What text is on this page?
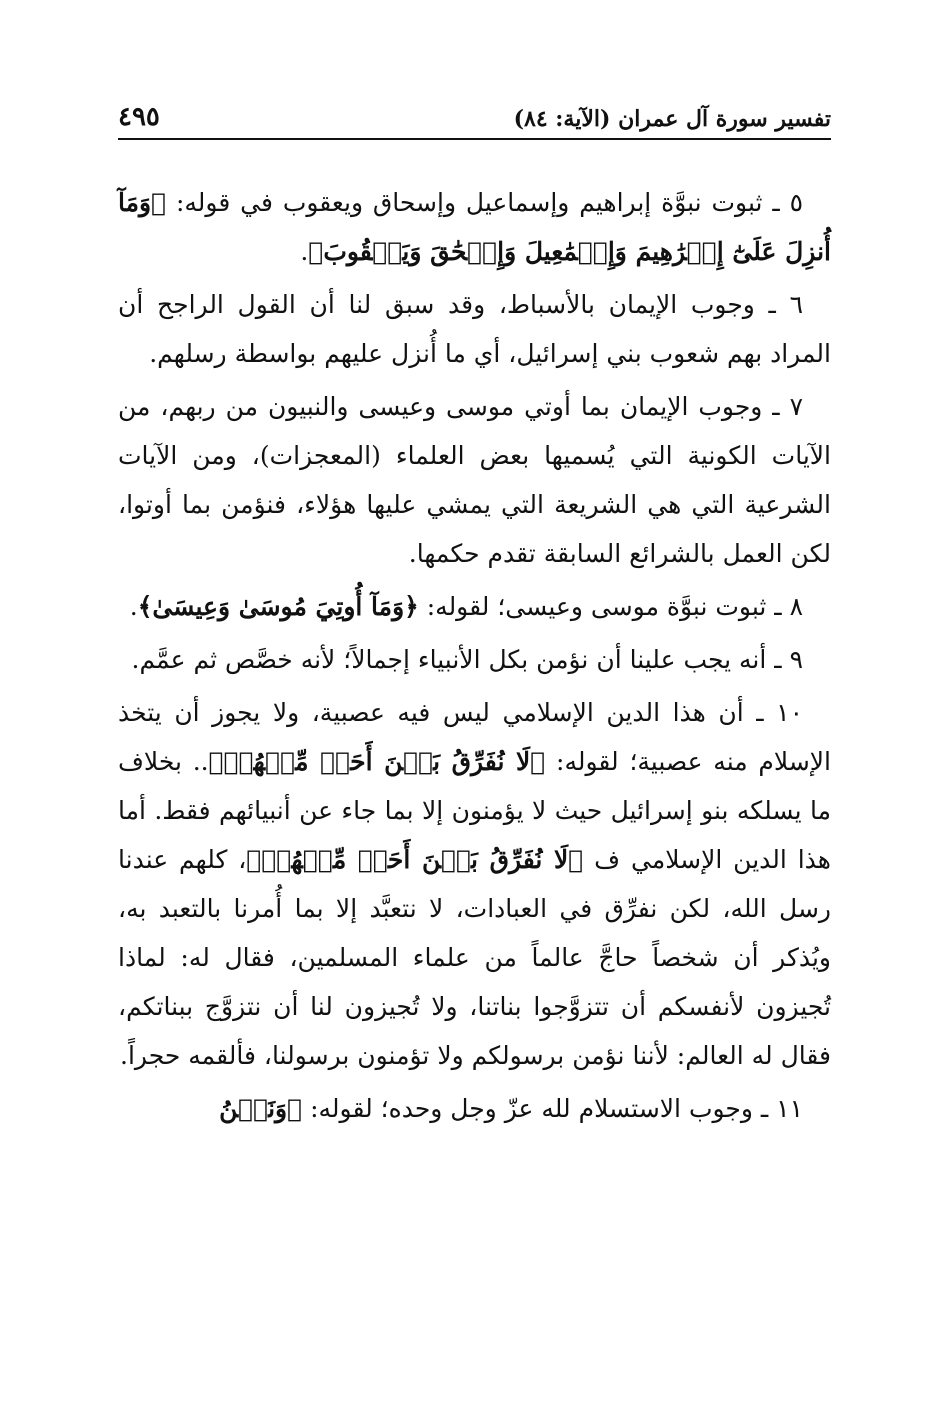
تفسير سورة آل عمران (الآية: ٨٤)
٤٩٥

٥ ـ ثبوت نبوَّة إبراهيم وإسماعيل وإسحاق ويعقوب في قوله: ﴿وَمَآ أُنزِلَ عَلَىٰٓ إِبۡرَٰهِيمَ وَإِسۡمَٰعِيلَ وَإِسۡحَٰقَ وَيَعۡقُوبَ﴾.

٦ ـ وجوب الإيمان بالأسباط، وقد سبق لنا أن القول الراجح أن المراد بهم شعوب بني إسرائيل، أي ما أُنزل عليهم بواسطة رسلهم.

٧ ـ وجوب الإيمان بما أوتي موسى وعيسى والنبيون من ربهم، من الآيات الكونية التي يُسميها بعض العلماء (المعجزات)، ومن الآيات الشرعية التي هي الشريعة التي يمشي عليها هؤلاء، فنؤمن بما أوتوا، لكن العمل بالشرائع السابقة تقدم حكمها.

٨ ـ ثبوت نبوَّة موسى وعيسى؛ لقوله: ﴿وَمَآ أُوتِيَ مُوسَىٰ وَعِيسَىٰ﴾.

٩ ـ أنه يجب علينا أن نؤمن بكل الأنبياء إجمالاً؛ لأنه خصَّص ثم عمَّم.

١٠ ـ أن هذا الدين الإسلامي ليس فيه عصبية، ولا يجوز أن يتخذ الإسلام منه عصبية؛ لقوله: ﴿لَا نُفَرِّقُ بَيۡنَ أَحَدٖ مِّنۡهُمۡ﴾.. بخلاف ما يسلكه بنو إسرائيل حيث لا يؤمنون إلا بما جاء عن أنبيائهم فقط. أما هذا الدين الإسلامي ف ﴿لَا نُفَرِّقُ بَيۡنَ أَحَدٖ مِّنۡهُمۡ﴾، كلهم عندنا رسل الله، لكن نفرِّق في العبادات، لا نتعبَّد إلا بما أُمرنا بالتعبد به، ويُذكر أن شخصاً حاجَّ عالماً من علماء المسلمين، فقال له: لماذا تُجيزون لأنفسكم أن تتزوَّجوا بناتنا، ولا تُجيزون لنا أن نتزوَّج ببناتكم، فقال له العالم: لأننا نؤمن برسولكم ولا تؤمنون برسولنا، فألقمه حجراً.

١١ ـ وجوب الاستسلام لله عزّ وجل وحده؛ لقوله: ﴿وَنَحۡنُ
